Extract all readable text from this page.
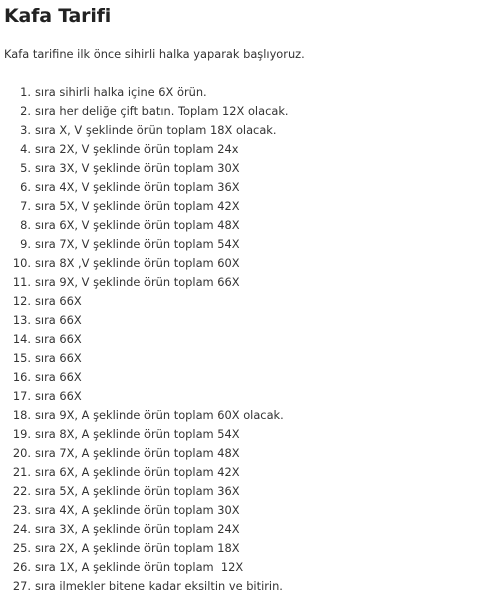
Kafa Tarifi

Kafa tarifine ilk önce sihirli halka yaparak başlıyoruz.

1. sıra sihirli halka içine 6X örün.
2. sıra her deliğe çift batın. Toplam 12X olacak.
3. sıra X, V şeklinde örün toplam 18X olacak.
4. sıra 2X, V şeklinde örün toplam 24x
5. sıra 3X, V şeklinde örün toplam 30X
6. sıra 4X, V şeklinde örün toplam 36X
7. sıra 5X, V şeklinde örün toplam 42X
8. sıra 6X, V şeklinde örün toplam 48X
9. sıra 7X, V şeklinde örün toplam 54X
10. sıra 8X ,V şeklinde örün toplam 60X
11. sıra 9X, V şeklinde örün toplam 66X
12. sıra 66X
13. sıra 66X
14. sıra 66X
15. sıra 66X
16. sıra 66X
17. sıra 66X
18. sıra 9X, A şeklinde örün toplam 60X olacak.
19. sıra 8X, A şeklinde örün toplam 54X
20. sıra 7X, A şeklinde örün toplam 48X
21. sıra 6X, A şeklinde örün toplam 42X
22. sıra 5X, A şeklinde örün toplam 36X
23. sıra 4X, A şeklinde örün toplam 30X
24. sıra 3X, A şeklinde örün toplam 24X
25. sıra 2X, A şeklinde örün toplam 18X
26. sıra 1X, A şeklinde örün toplam  12X
27. sıra ilmekler bitene kadar eksiltin ve bitirin.
